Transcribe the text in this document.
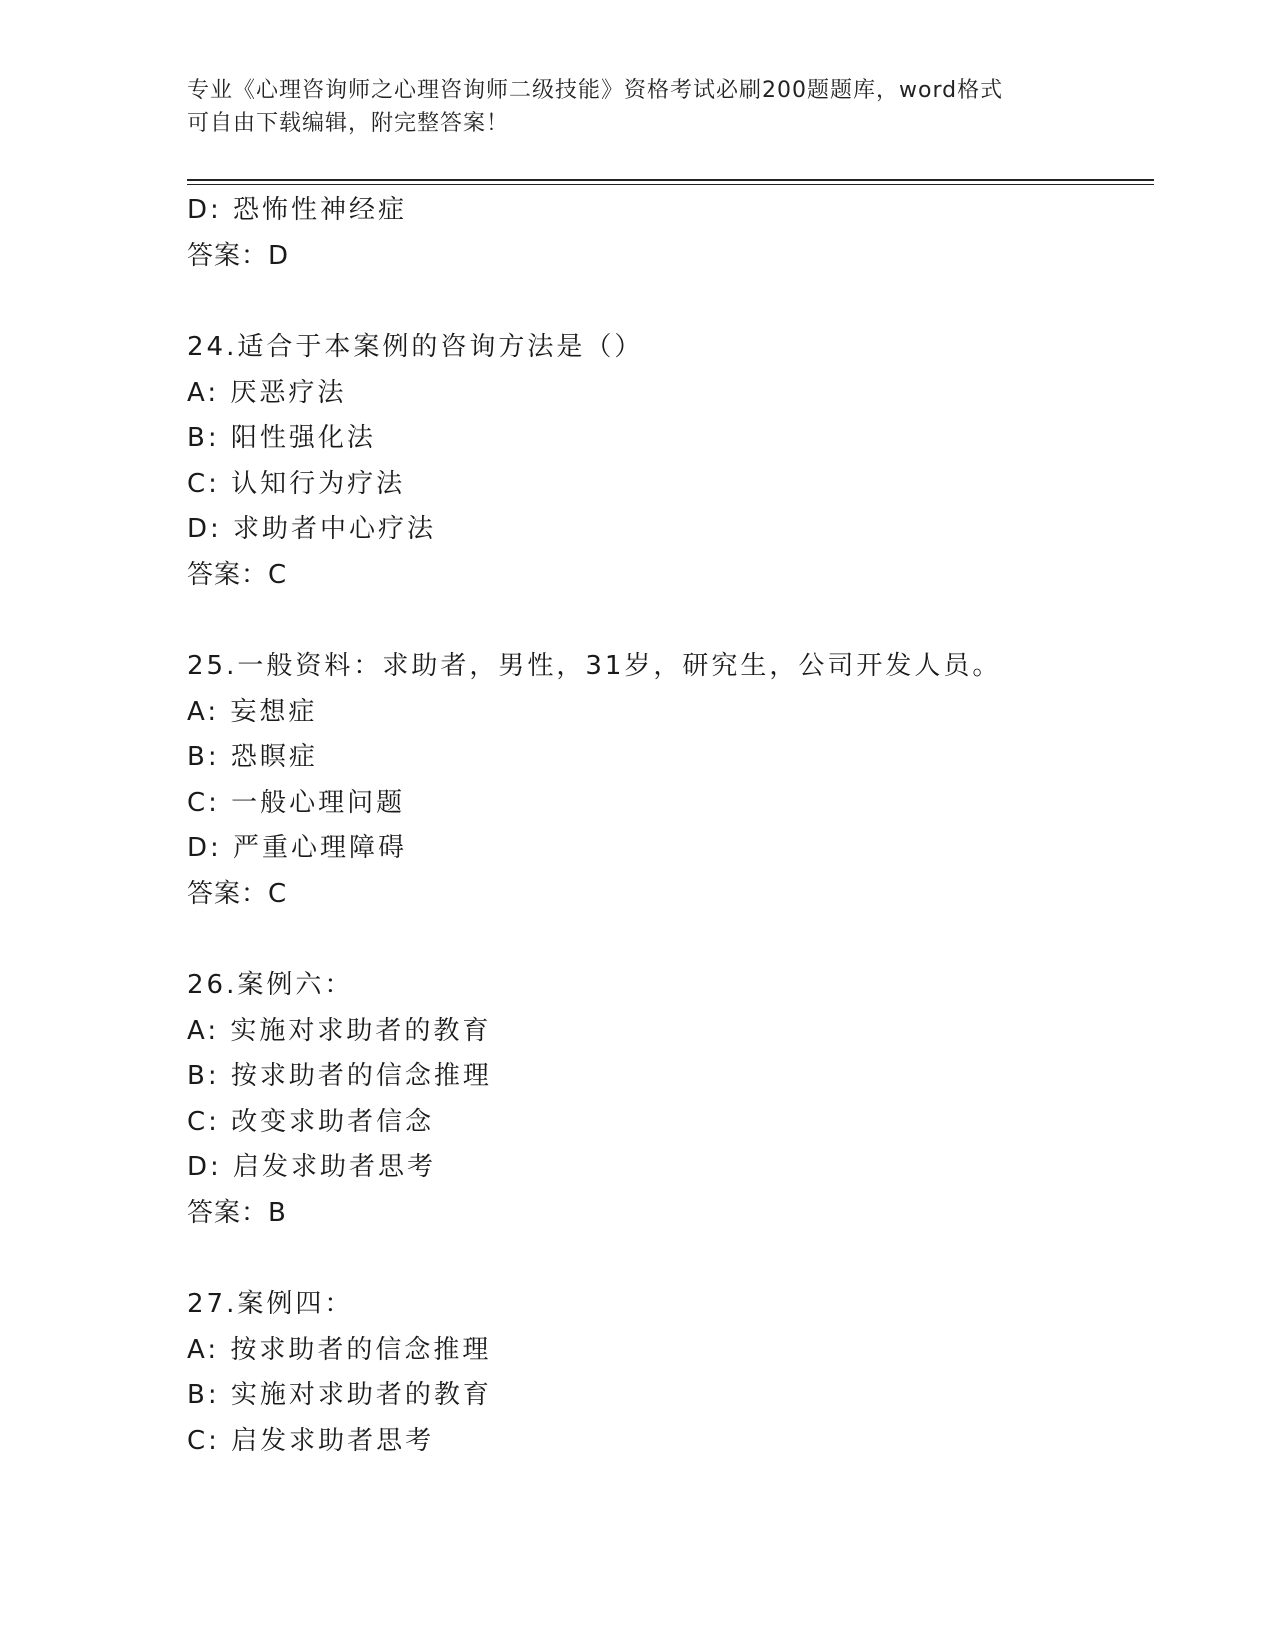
专业《心理咨询师之心理咨询师二级技能》资格考试必刷200题题库，word格式
可自由下载编辑，附完整答案！
D: 恐怖性神经症
答案：D
24.适合于本案例的咨询方法是（）
A: 厌恶疗法
B: 阳性强化法
C: 认知行为疗法
D: 求助者中心疗法
答案：C
25.一般资料：求助者，男性，31岁，研究生，公司开发人员。
A: 妄想症
B: 恐瞑症
C: 一般心理问题
D: 严重心理障碍
答案：C
26.案例六：
A: 实施对求助者的教育
B: 按求助者的信念推理
C: 改变求助者信念
D: 启发求助者思考
答案：B
27.案例四：
A: 按求助者的信念推理
B: 实施对求助者的教育
C: 启发求助者思考
